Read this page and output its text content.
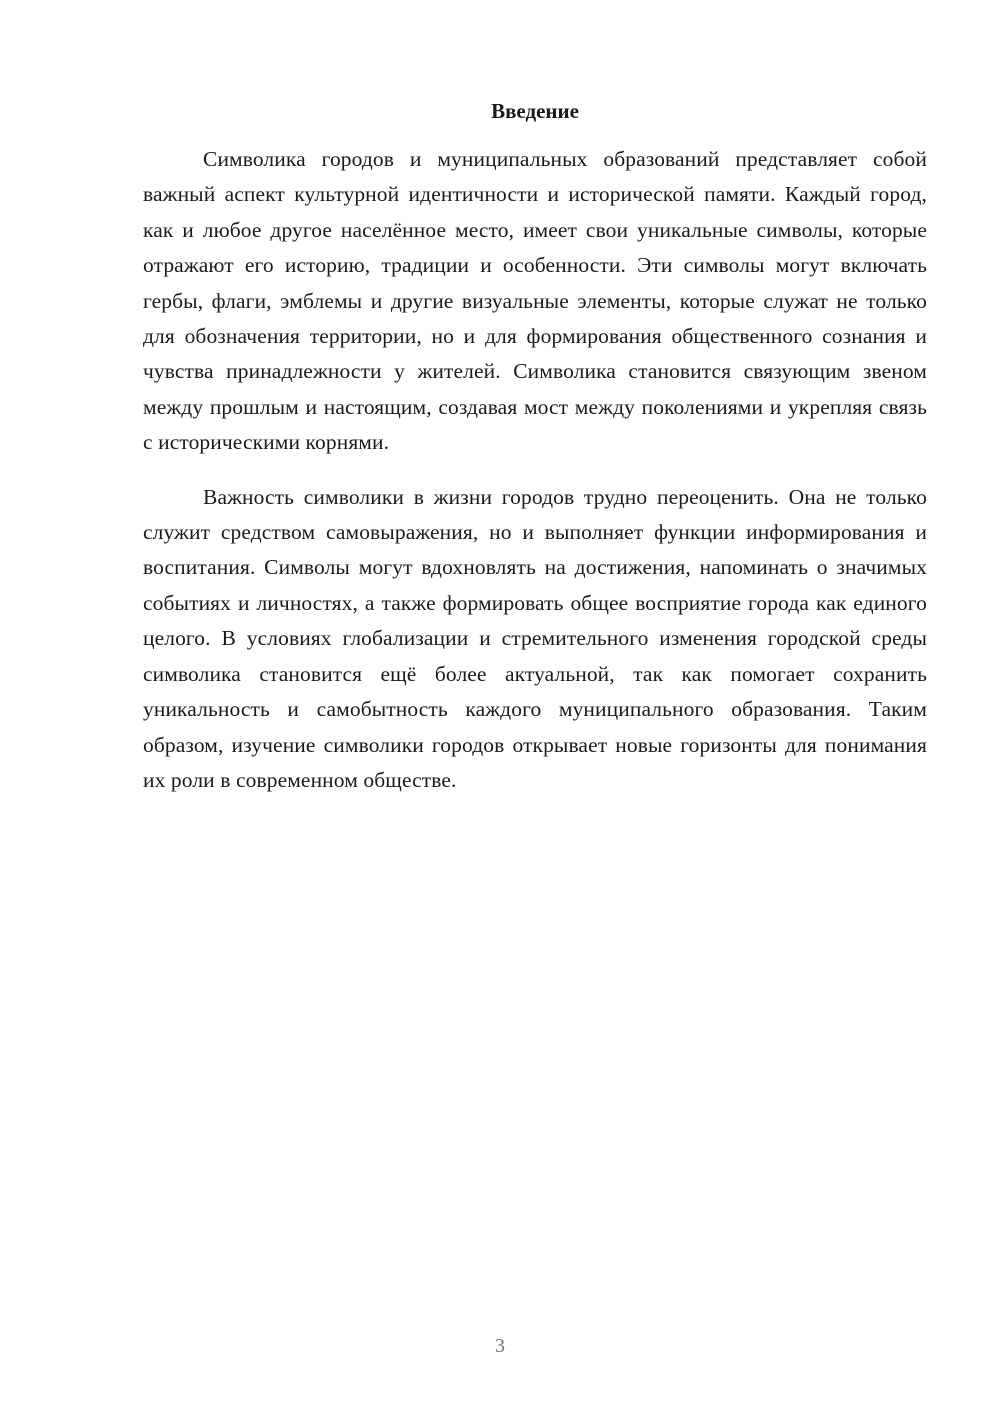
Введение

Символика городов и муниципальных образований представляет собой важный аспект культурной идентичности и исторической памяти. Каждый город, как и любое другое населённое место, имеет свои уникальные символы, которые отражают его историю, традиции и особенности. Эти символы могут включать гербы, флаги, эмблемы и другие визуальные элементы, которые служат не только для обозначения территории, но и для формирования общественного сознания и чувства принадлежности у жителей. Символика становится связующим звеном между прошлым и настоящим, создавая мост между поколениями и укрепляя связь с историческими корнями.

Важность символики в жизни городов трудно переоценить. Она не только служит средством самовыражения, но и выполняет функции информирования и воспитания. Символы могут вдохновлять на достижения, напоминать о значимых событиях и личностях, а также формировать общее восприятие города как единого целого. В условиях глобализации и стремительного изменения городской среды символика становится ещё более актуальной, так как помогает сохранить уникальность и самобытность каждого муниципального образования. Таким образом, изучение символики городов открывает новые горизонты для понимания их роли в современном обществе.

3
